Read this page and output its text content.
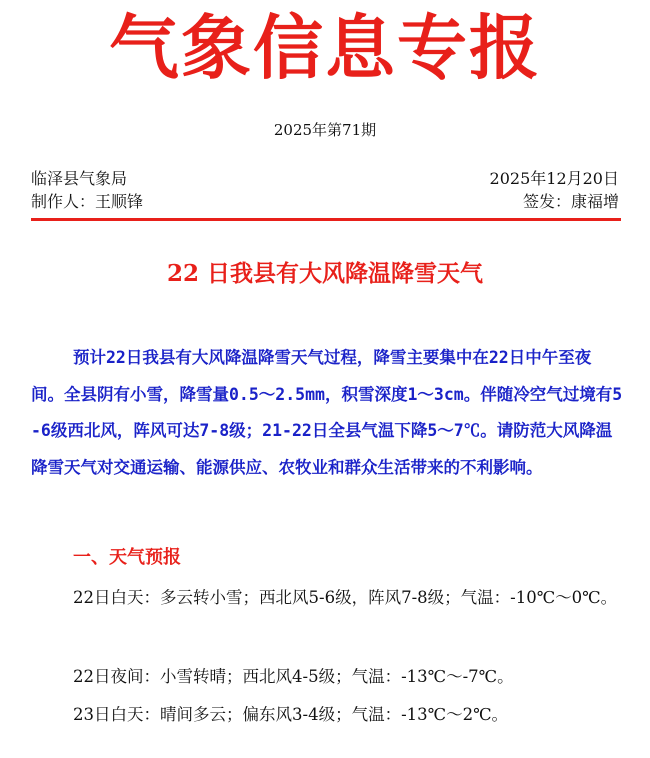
气象信息专报
2025年第71期
临泽县气象局	2025年12月20日
制作人：王顺锋	签发：康福增
22 日我县有大风降温降雪天气

预计22日我县有大风降温降雪天气过程，降雪主要集中在22日中午至夜间。全县阴有小雪，降雪量0.5～2.5mm，积雪深度1～3cm。伴随冷空气过境有5-6级西北风，阵风可达7-8级；21-22日全县气温下降5～7℃。请防范大风降温降雪天气对交通运输、能源供应、农牧业和群众生活带来的不利影响。

一、天气预报

22日白天：多云转小雪；西北风5-6级，阵风7-8级；气温：-10℃～0℃。

22日夜间：小雪转晴；西北风4-5级；气温：-13℃～-7℃。

23日白天：晴间多云；偏东风3-4级；气温：-13℃～2℃。
